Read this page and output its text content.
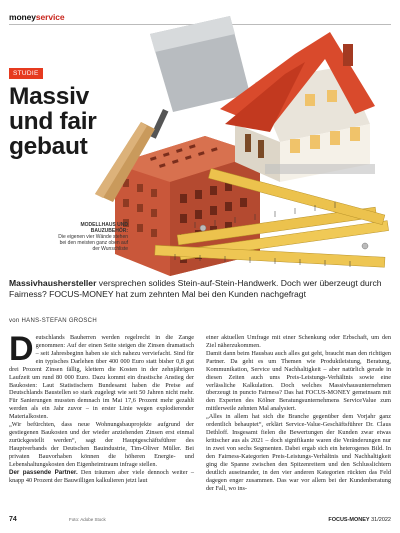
moneyservice
STUDIE
Massiv
und fair
gebaut
MODELLHAUS UND BAUZUBEHÖR:
Die eigenen vier Wände stehen bei den meisten ganz oben auf der Wunschliste
Massivhaushersteller versprechen solides Stein-auf-Stein-Handwerk. Doch wer überzeugt durch Fairness? FOCUS-MONEY hat zum zehnten Mal bei den Kunden nachgefragt
von HANS-STEFAN GROSCH

Deutschlands Bauherren werden regelrecht in die Zange genommen: Auf der einen Seite steigen die Zinsen dramatisch – seit Jahresbeginn haben sie sich nahezu verviefacht. Sind für ein typisches Darlehen über 400 000 Euro statt bisher 0,8 gut drei Prozent Zinsen fällig, klettern die Kosten in der zehnjährigen Laufzeit um rund 80 000 Euro. Dazu kommt ein drastische Anstieg der Baukosten: Laut Statistischem Bundesamt haben die Preise auf Deutschlands Baustellen so stark zugelegt wie seit 50 Jahren nicht mehr. Für Sanierungen mussten demnach im Mai 17,6 Prozent mehr gezahlt werden als ein Jahr zuvor – in erster Linie wegen explodierender Materialkosten.

„Wir befürchten, dass neue Wohnungsbauprojekte aufgrund der gestiegenen Baukosten und der wieder anziehenden Zinsen erst einmal zurückgestellt werden“, sagt der Hauptgeschäftsführer des Hauptverbands der Deutschen Bauindustrie, Tim-Oliver Müller. Bei privaten Bauvorhaben können die höheren Energie- und Lebenshaltungskosten den Eigenheimtraum infrage stellen.

Der passende Partner. Den träumen aber viele dennoch weiter – knapp 40 Prozent der Bauwilligen kalkulieren jetzt laut

einer aktuellen Umfrage mit einer Schenkung oder Erbschaft, um den Ziel näherzukommen.

Damit dann beim Hausbau auch alles gut geht, braucht man den richtigen Partner. Da geht es um Themen wie Produktleistung, Beratung, Kommunikation, Service und Nachhaltigkeit – aber natürlich gerade in diesen Zeiten auch ums Preis-Leistungs-Verhältnis sowie eine verlässliche Kalkulation. Doch welches Massivhausunternehmen überzeugt in puncto Fairness? Das hat FOCUS-MONEY gemeinsam mit den Experten des Kölner Beratungsunternehmens ServiceValue zum mittlerweile zehnten Mal analysiert.

„Alles in allem hat sich die Branche gegenüber dem Vorjahr ganz ordentlich behauptet“, erklärt Service-Value-Geschäftsführer Dr. Claus Dethloff. Insgesamt fielen die Bewertungen der Kunden zwar etwas kritischer aus als 2021 – doch signifikante waren die Veränderungen nur in zwei von sechs Segmenten. Dabei ergab sich ein heterogenes Bild. In den Fairness-Kategorien Preis-Leistungs-Verhältnis und Nachhaltigkeit ging die Spanne zwischen den Spitzenreitern und den Schlusslichtern deutlich auseinander, in den vier anderen Kategorien rückten das Feld dagegen enger zusammen. Das war vor allem bei der Kundenberatung der Fall, wo ins-

74	Foto: Adobe Stock	FOCUS-MONEY 31/2022
